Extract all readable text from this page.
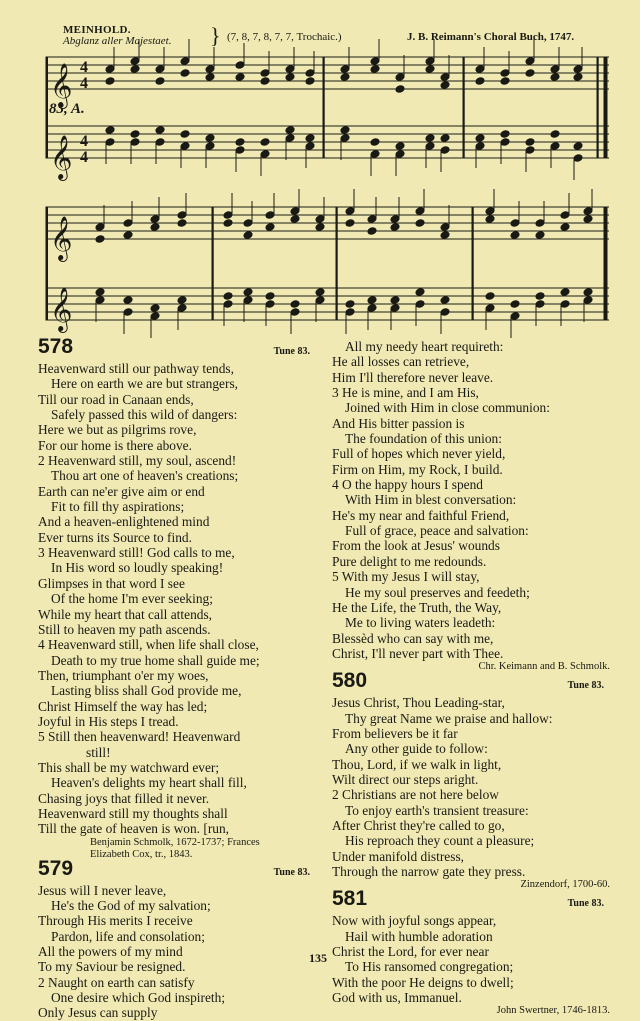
MEINHOLD.
Abglanz aller Majestaet. } (7, 8, 7, 8, 7, 7, Trochaic.)	J. B. Reimann's Choral Buch, 1747.
𝄞
𝄞
𝄞
𝄞
4
4
4
4
83, A.
578	Tune 83.
Heavenward still our pathway tends,
Here on earth we are but strangers,
Till our road in Canaan ends,
Safely passed this wild of dangers:
Here we but as pilgrims rove,
For our home is there above.
2 Heavenward still, my soul, ascend!
Thou art one of heaven's creations;
Earth can ne'er give aim or end
Fit to fill thy aspirations;
And a heaven-enlightened mind
Ever turns its Source to find.
3 Heavenward still! God calls to me,
In His word so loudly speaking!
Glimpses in that word I see
Of the home I'm ever seeking;
While my heart that call attends,
Still to heaven my path ascends.
4 Heavenward still, when life shall close,
Death to my true home shall guide me;
Then, triumphant o'er my woes,
Lasting bliss shall God provide me,
Christ Himself the way has led;
Joyful in His steps I tread.
5 Still then heavenward! Heavenward
still!
This shall be my watchward ever;
Heaven's delights my heart shall fill,
Chasing joys that filled it never.
Heavenward still my thoughts shall
Till the gate of heaven is won. [run,
Benjamin Schmolk, 1672-1737; Frances
Elizabeth Cox, tr., 1843.
579	Tune 83.
Jesus will I never leave,
He's the God of my salvation;
Through His merits I receive
Pardon, life and consolation;
All the powers of my mind
To my Saviour be resigned.
2 Naught on earth can satisfy
One desire which God inspireth;
Only Jesus can supply
All my needy heart requireth:
He all losses can retrieve,
Him I'll therefore never leave.
3 He is mine, and I am His,
Joined with Him in close communion:
And His bitter passion is
The foundation of this union:
Full of hopes which never yield,
Firm on Him, my Rock, I build.
4 O the happy hours I spend
With Him in blest conversation:
He's my near and faithful Friend,
Full of grace, peace and salvation:
From the look at Jesus' wounds
Pure delight to me redounds.
5 With my Jesus I will stay,
He my soul preserves and feedeth;
He the Life, the Truth, the Way,
Me to living waters leadeth:
Blessèd who can say with me,
Christ, I'll never part with Thee.
Chr. Keimann and B. Schmolk.
580	Tune 83.
Jesus Christ, Thou Leading-star,
Thy great Name we praise and hallow:
From believers be it far
Any other guide to follow:
Thou, Lord, if we walk in light,
Wilt direct our steps aright.
2 Christians are not here below
To enjoy earth's transient treasure:
After Christ they're called to go,
His reproach they count a pleasure;
Under manifold distress,
Through the narrow gate they press.
Zinzendorf, 1700-60.
581	Tune 83.
Now with joyful songs appear,
Hail with humble adoration
Christ the Lord, for ever near
To His ransomed congregation;
With the poor He deigns to dwell;
God with us, Immanuel.
John Swertner, 1746-1813.
135
